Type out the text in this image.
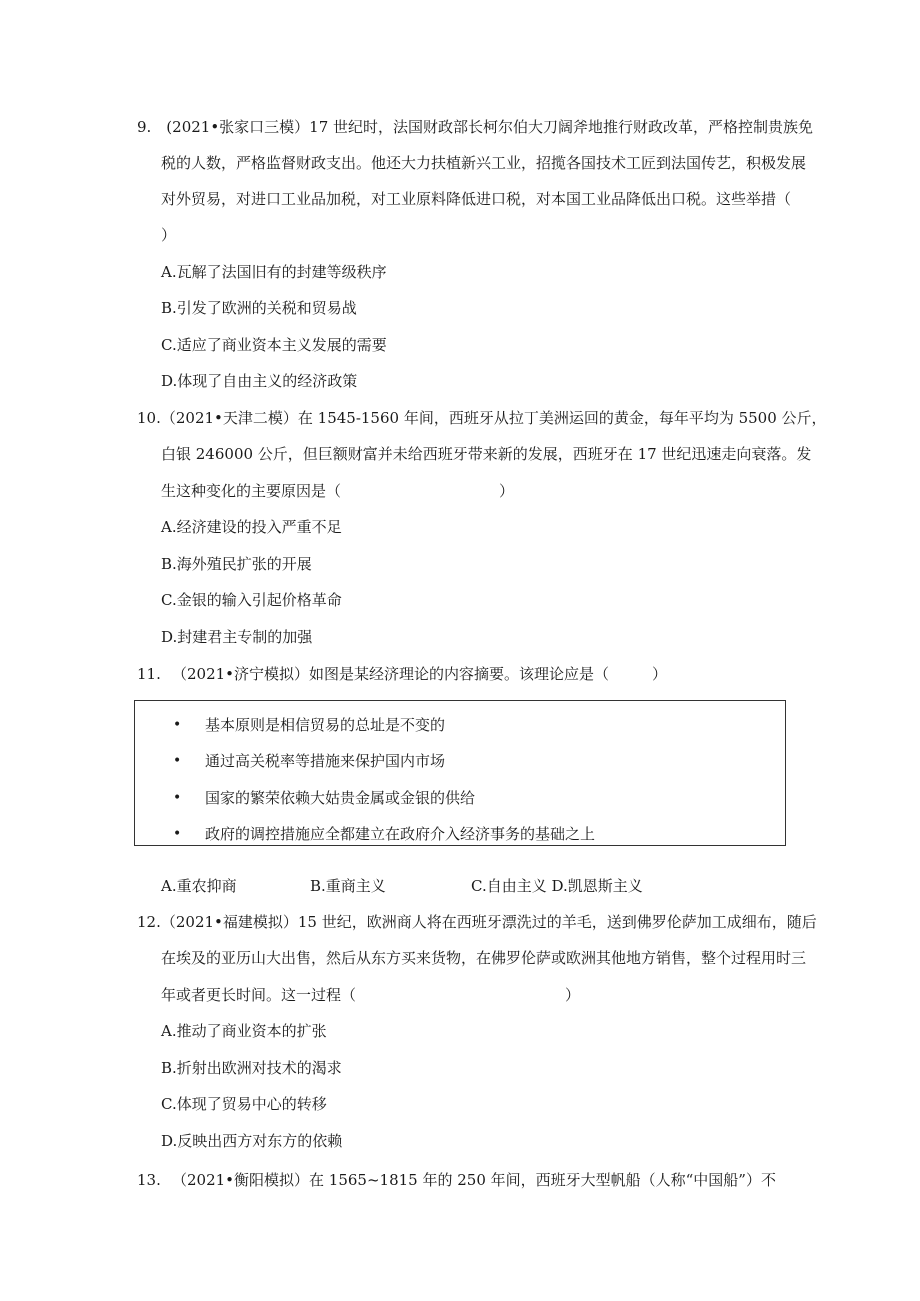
9.　(2021•张家口三模）17 世纪时，法国财政部长柯尔伯大刀阔斧地推行财政改革，严格控制贵族免
税的人数，严格监督财政支出。他还大力扶植新兴工业，招揽各国技术工匠到法国传艺，积极发展
对外贸易，对进口工业品加税，对工业原料降低进口税，对本国工业品降低出口税。这些举措（
）
A.瓦解了法国旧有的封建等级秩序
B.引发了欧洲的关税和贸易战
C.适应了商业资本主义发展的需要
D.体现了自由主义的经济政策
10.（2021•天津二模）在 1545-1560 年间，西班牙从拉丁美洲运回的黄金，每年平均为 5500 公斤，
白银 246000 公斤，但巨额财富并未给西班牙带来新的发展，西班牙在 17 世纪迅速走向衰落。发
生这种变化的主要原因是（	）
A.经济建设的投入严重不足
B.海外殖民扩张的开展
C.金银的输入引起价格革命
D.封建君主专制的加强
11. （2021•济宁模拟）如图是某经济理论的内容摘要。该理论应是（	）
• 基本原则是相信贸易的总址是不变的
• 通过高关税率等措施来保护国内市场
• 国家的繁荣依赖大姑贵金属或金银的供给
• 政府的调控措施应全都建立在政府介入经济事务的基础之上
A.重农抑商	B.重商主义	C.自由主义 D.凯恩斯主义
12.（2021•福建模拟）15 世纪，欧洲商人将在西班牙漂洗过的羊毛，送到佛罗伦萨加工成细布，随后
在埃及的亚历山大出售，然后从东方买来货物，在佛罗伦萨或欧洲其他地方销售，整个过程用时三
年或者更长时间。这一过程（	）
A.推动了商业资本的扩张
B.折射出欧洲对技术的渴求
C.体现了贸易中心的转移
D.反映出西方对东方的依赖
13. （2021•衡阳模拟）在 1565~1815 年的 250 年间，西班牙大型帆船（人称“中国船”）不
